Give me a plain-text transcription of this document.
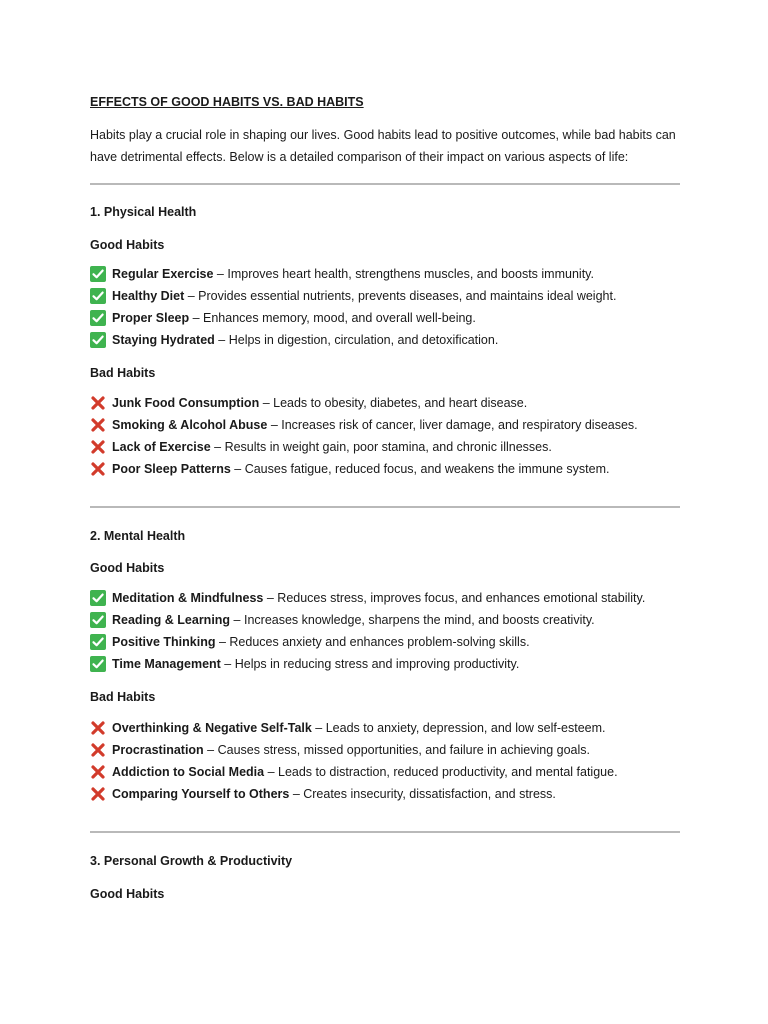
EFFECTS OF GOOD HABITS VS. BAD HABITS

Habits play a crucial role in shaping our lives. Good habits lead to positive outcomes, while bad habits can have detrimental effects. Below is a detailed comparison of their impact on various aspects of life:

1. Physical Health

Good Habits

Regular Exercise – Improves heart health, strengthens muscles, and boosts immunity.
Healthy Diet – Provides essential nutrients, prevents diseases, and maintains ideal weight.
Proper Sleep – Enhances memory, mood, and overall well-being.
Staying Hydrated – Helps in digestion, circulation, and detoxification.

Bad Habits

Junk Food Consumption – Leads to obesity, diabetes, and heart disease.
Smoking & Alcohol Abuse – Increases risk of cancer, liver damage, and respiratory diseases.
Lack of Exercise – Results in weight gain, poor stamina, and chronic illnesses.
Poor Sleep Patterns – Causes fatigue, reduced focus, and weakens the immune system.

2. Mental Health

Good Habits

Meditation & Mindfulness – Reduces stress, improves focus, and enhances emotional stability.
Reading & Learning – Increases knowledge, sharpens the mind, and boosts creativity.
Positive Thinking – Reduces anxiety and enhances problem-solving skills.
Time Management – Helps in reducing stress and improving productivity.

Bad Habits

Overthinking & Negative Self-Talk – Leads to anxiety, depression, and low self-esteem.
Procrastination – Causes stress, missed opportunities, and failure in achieving goals.
Addiction to Social Media – Leads to distraction, reduced productivity, and mental fatigue.
Comparing Yourself to Others – Creates insecurity, dissatisfaction, and stress.

3. Personal Growth & Productivity

Good Habits
